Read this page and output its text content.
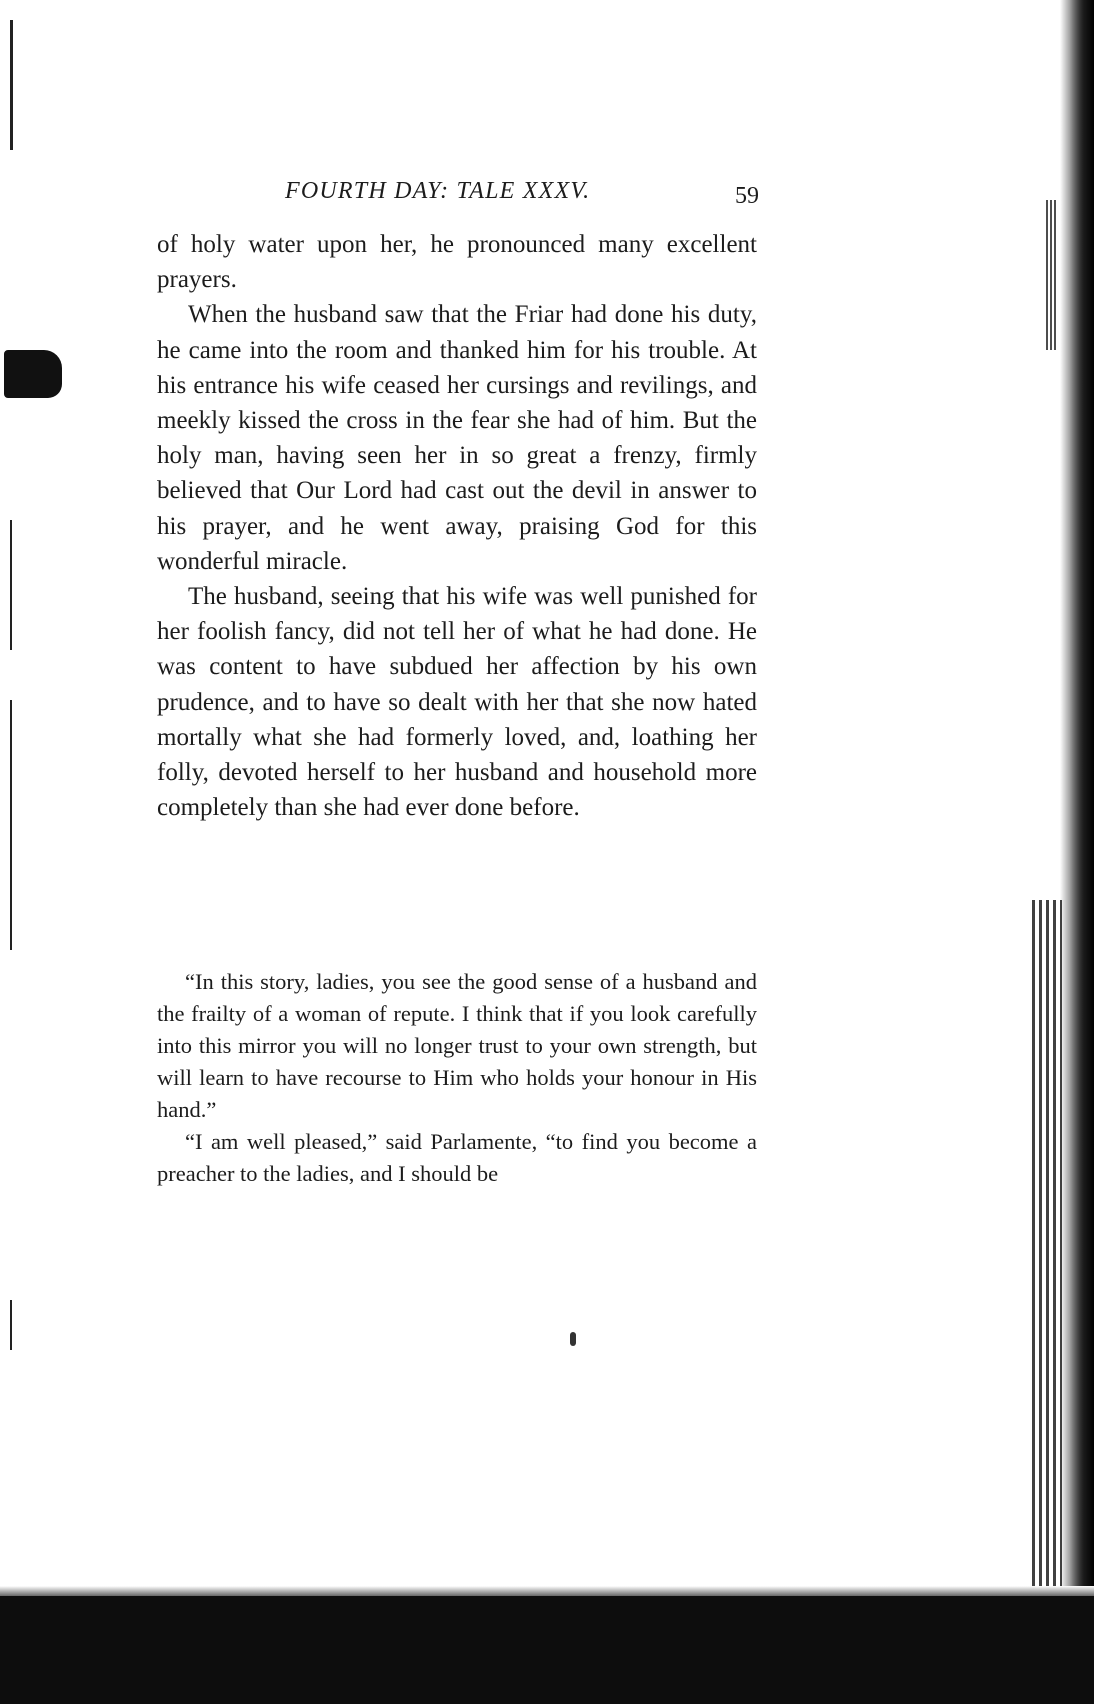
FOURTH DAY: TALE XXXV.	59

of holy water upon her, he pronounced many excellent prayers.

When the husband saw that the Friar had done his duty, he came into the room and thanked him for his trouble. At his entrance his wife ceased her cursings and revilings, and meekly kissed the cross in the fear she had of him. But the holy man, having seen her in so great a frenzy, firmly believed that Our Lord had cast out the devil in answer to his prayer, and he went away, praising God for this wonderful miracle.

The husband, seeing that his wife was well punished for her foolish fancy, did not tell her of what he had done. He was content to have subdued her affection by his own prudence, and to have so dealt with her that she now hated mortally what she had formerly loved, and, loathing her folly, devoted herself to her husband and household more completely than she had ever done before.

“In this story, ladies, you see the good sense of a husband and the frailty of a woman of repute. I think that if you look carefully into this mirror you will no longer trust to your own strength, but will learn to have recourse to Him who holds your honour in His hand.”

“I am well pleased,” said Parlamente, “to find you become a preacher to the ladies, and I should be
